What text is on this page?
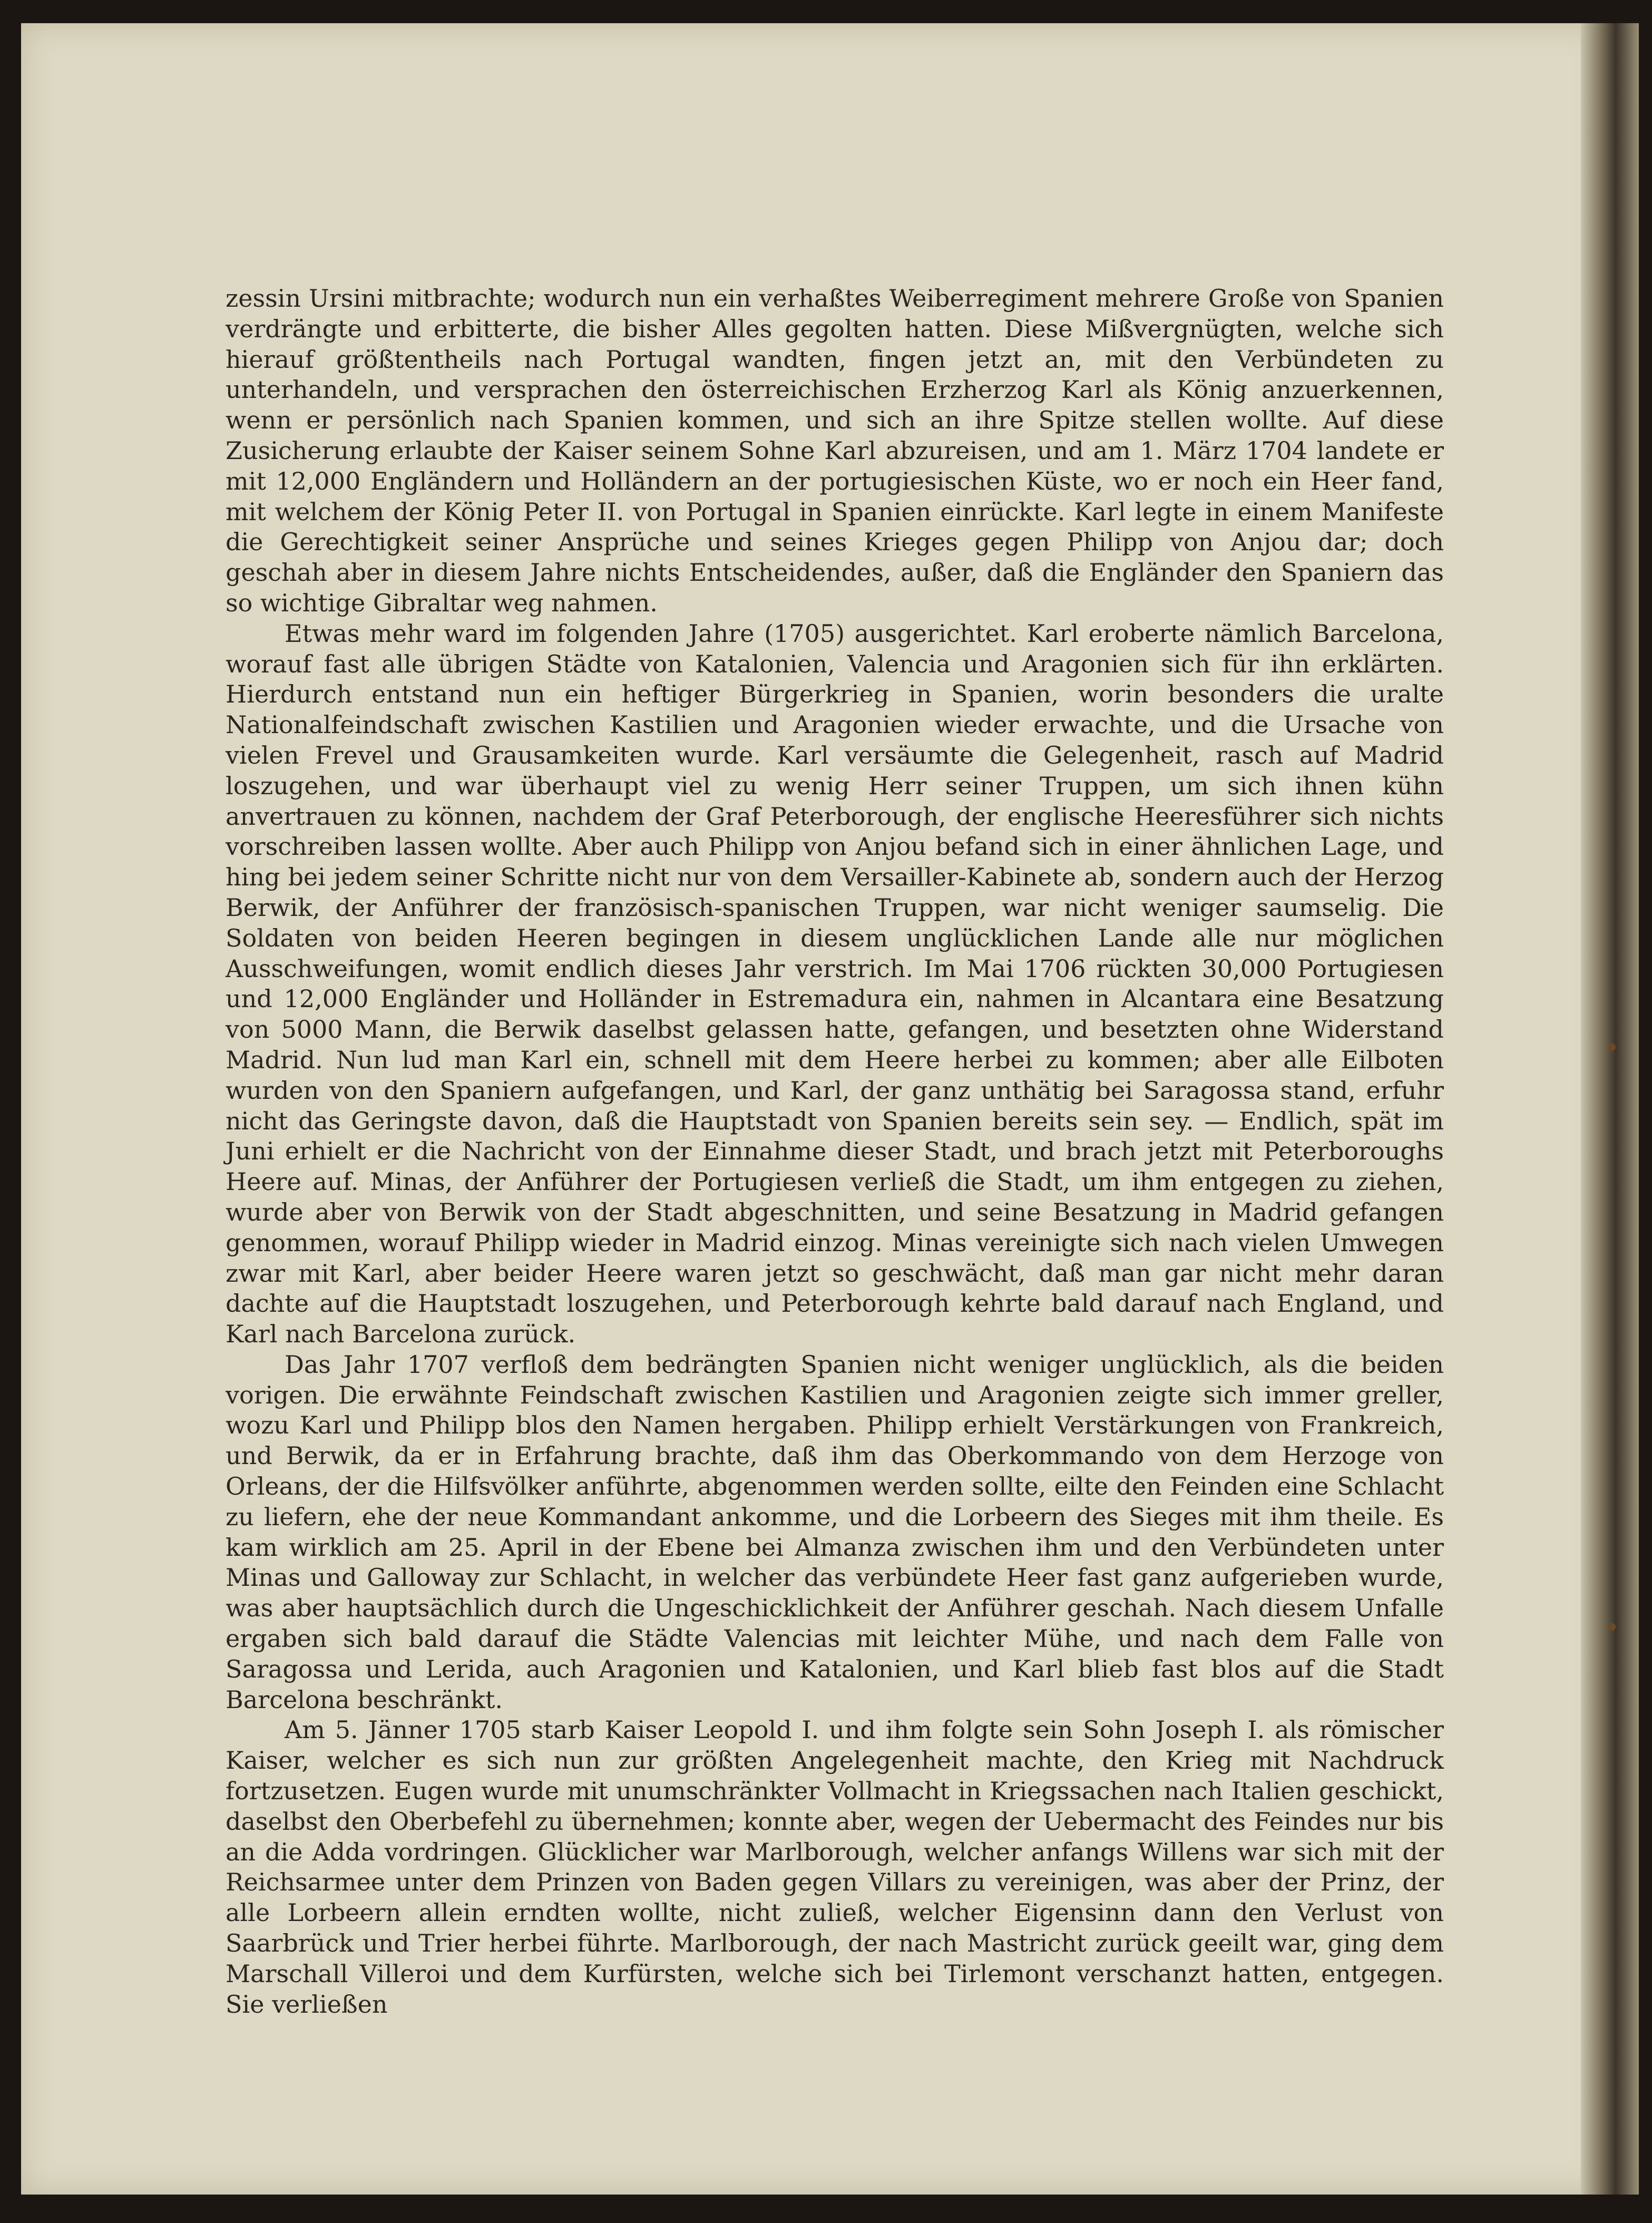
zessin Ursini mitbrachte; wodurch nun ein verhaßtes Weiberregiment mehrere Große von Spanien verdrängte und erbitterte, die bisher Alles gegolten hatten. Diese Mißvergnügten, welche sich hierauf größtentheils nach Portugal wandten, fingen jetzt an, mit den Verbündeten zu unterhandeln, und versprachen den österreichischen Erzherzog Karl als König anzuerkennen, wenn er persönlich nach Spanien kommen, und sich an ihre Spitze stellen wollte. Auf diese Zusicherung erlaubte der Kaiser seinem Sohne Karl abzureisen, und am 1. März 1704 landete er mit 12,000 Engländern und Holländern an der portugiesischen Küste, wo er noch ein Heer fand, mit welchem der König Peter II. von Portugal in Spanien einrückte. Karl legte in einem Manifeste die Gerechtigkeit seiner Ansprüche und seines Krieges gegen Philipp von Anjou dar; doch geschah aber in diesem Jahre nichts Entscheidendes, außer, daß die Engländer den Spaniern das so wichtige Gibraltar weg nahmen.

Etwas mehr ward im folgenden Jahre (1705) ausgerichtet. Karl eroberte nämlich Barcelona, worauf fast alle übrigen Städte von Katalonien, Valencia und Aragonien sich für ihn erklärten. Hierdurch entstand nun ein heftiger Bürgerkrieg in Spanien, worin besonders die uralte Nationalfeindschaft zwischen Kastilien und Aragonien wieder erwachte, und die Ursache von vielen Frevel und Grausamkeiten wurde. Karl versäumte die Gelegenheit, rasch auf Madrid loszugehen, und war überhaupt viel zu wenig Herr seiner Truppen, um sich ihnen kühn anvertrauen zu können, nachdem der Graf Peterborough, der englische Heeresführer sich nichts vorschreiben lassen wollte. Aber auch Philipp von Anjou befand sich in einer ähnlichen Lage, und hing bei jedem seiner Schritte nicht nur von dem Versailler-Kabinete ab, sondern auch der Herzog Berwik, der Anführer der französisch-spanischen Truppen, war nicht weniger saumselig. Die Soldaten von beiden Heeren begingen in diesem unglücklichen Lande alle nur möglichen Ausschweifungen, womit endlich dieses Jahr verstrich. Im Mai 1706 rückten 30,000 Portugiesen und 12,000 Engländer und Holländer in Estremadura ein, nahmen in Alcantara eine Besatzung von 5000 Mann, die Berwik daselbst gelassen hatte, gefangen, und besetzten ohne Widerstand Madrid. Nun lud man Karl ein, schnell mit dem Heere herbei zu kommen; aber alle Eilboten wurden von den Spaniern aufgefangen, und Karl, der ganz unthätig bei Saragossa stand, erfuhr nicht das Geringste davon, daß die Hauptstadt von Spanien bereits sein sey. — Endlich, spät im Juni erhielt er die Nachricht von der Einnahme dieser Stadt, und brach jetzt mit Peterboroughs Heere auf. Minas, der Anführer der Portugiesen verließ die Stadt, um ihm entgegen zu ziehen, wurde aber von Berwik von der Stadt abgeschnitten, und seine Besatzung in Madrid gefangen genommen, worauf Philipp wieder in Madrid einzog. Minas vereinigte sich nach vielen Umwegen zwar mit Karl, aber beider Heere waren jetzt so geschwächt, daß man gar nicht mehr daran dachte auf die Hauptstadt loszugehen, und Peterborough kehrte bald darauf nach England, und Karl nach Barcelona zurück.

Das Jahr 1707 verfloß dem bedrängten Spanien nicht weniger unglücklich, als die beiden vorigen. Die erwähnte Feindschaft zwischen Kastilien und Aragonien zeigte sich immer greller, wozu Karl und Philipp blos den Namen hergaben. Philipp erhielt Verstärkungen von Frankreich, und Berwik, da er in Erfahrung brachte, daß ihm das Oberkommando von dem Herzoge von Orleans, der die Hilfsvölker anführte, abgenommen werden sollte, eilte den Feinden eine Schlacht zu liefern, ehe der neue Kommandant ankomme, und die Lorbeern des Sieges mit ihm theile. Es kam wirklich am 25. April in der Ebene bei Almanza zwischen ihm und den Verbündeten unter Minas und Galloway zur Schlacht, in welcher das verbündete Heer fast ganz aufgerieben wurde, was aber hauptsächlich durch die Ungeschicklichkeit der Anführer geschah. Nach diesem Unfalle ergaben sich bald darauf die Städte Valencias mit leichter Mühe, und nach dem Falle von Saragossa und Lerida, auch Aragonien und Katalonien, und Karl blieb fast blos auf die Stadt Barcelona beschränkt.

Am 5. Jänner 1705 starb Kaiser Leopold I. und ihm folgte sein Sohn Joseph I. als römischer Kaiser, welcher es sich nun zur größten Angelegenheit machte, den Krieg mit Nachdruck fortzusetzen. Eugen wurde mit unumschränkter Vollmacht in Kriegssachen nach Italien geschickt, daselbst den Oberbefehl zu übernehmen; konnte aber, wegen der Uebermacht des Feindes nur bis an die Adda vordringen. Glücklicher war Marlborough, welcher anfangs Willens war sich mit der Reichsarmee unter dem Prinzen von Baden gegen Villars zu vereinigen, was aber der Prinz, der alle Lorbeern allein erndten wollte, nicht zuließ, welcher Eigensinn dann den Verlust von Saarbrück und Trier herbei führte. Marlborough, der nach Mastricht zurück geeilt war, ging dem Marschall Villeroi und dem Kurfürsten, welche sich bei Tirlemont verschanzt hatten, entgegen. Sie verließen
